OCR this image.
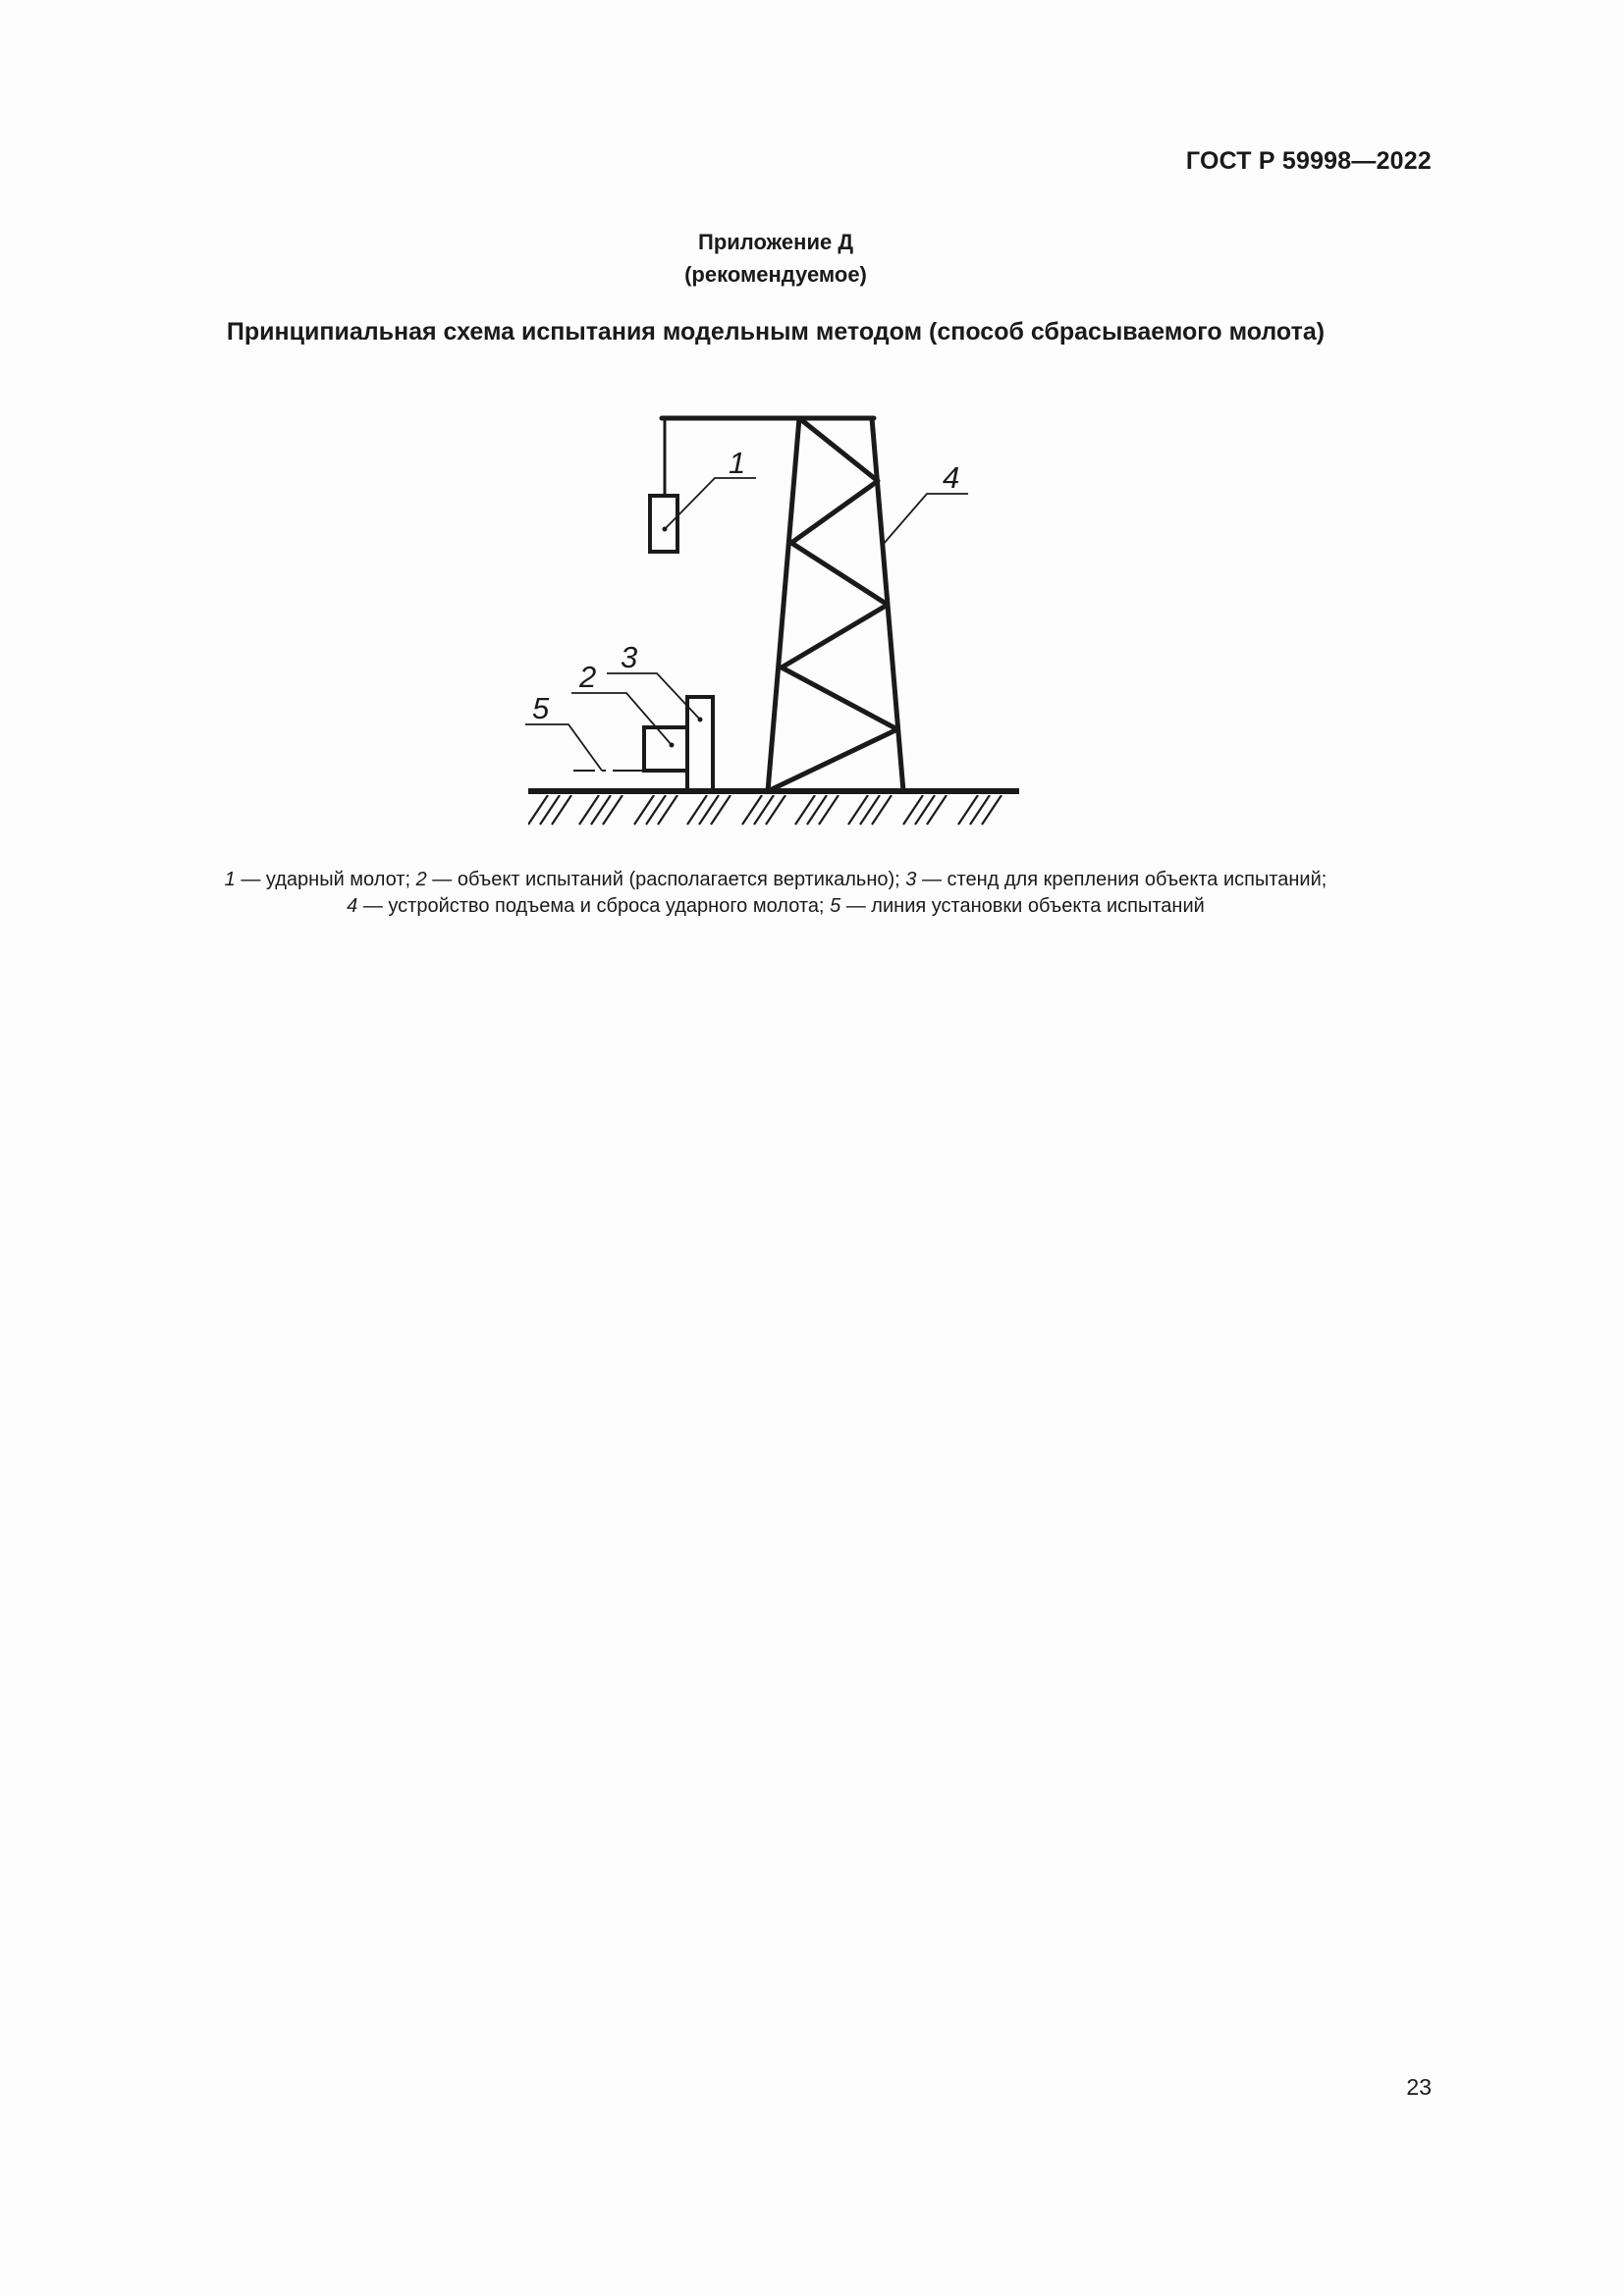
ГОСТ Р 59998—2022
Приложение Д
(рекомендуемое)
Принципиальная схема испытания модельным методом (способ сбрасываемого молота)
1
2
3
4
5
1 — ударный молот; 2 — объект испытаний (располагается вертикально); 3 — стенд для крепления объекта испытаний;
4 — устройство подъема и сброса ударного молота; 5 — линия установки объекта испытаний
23
